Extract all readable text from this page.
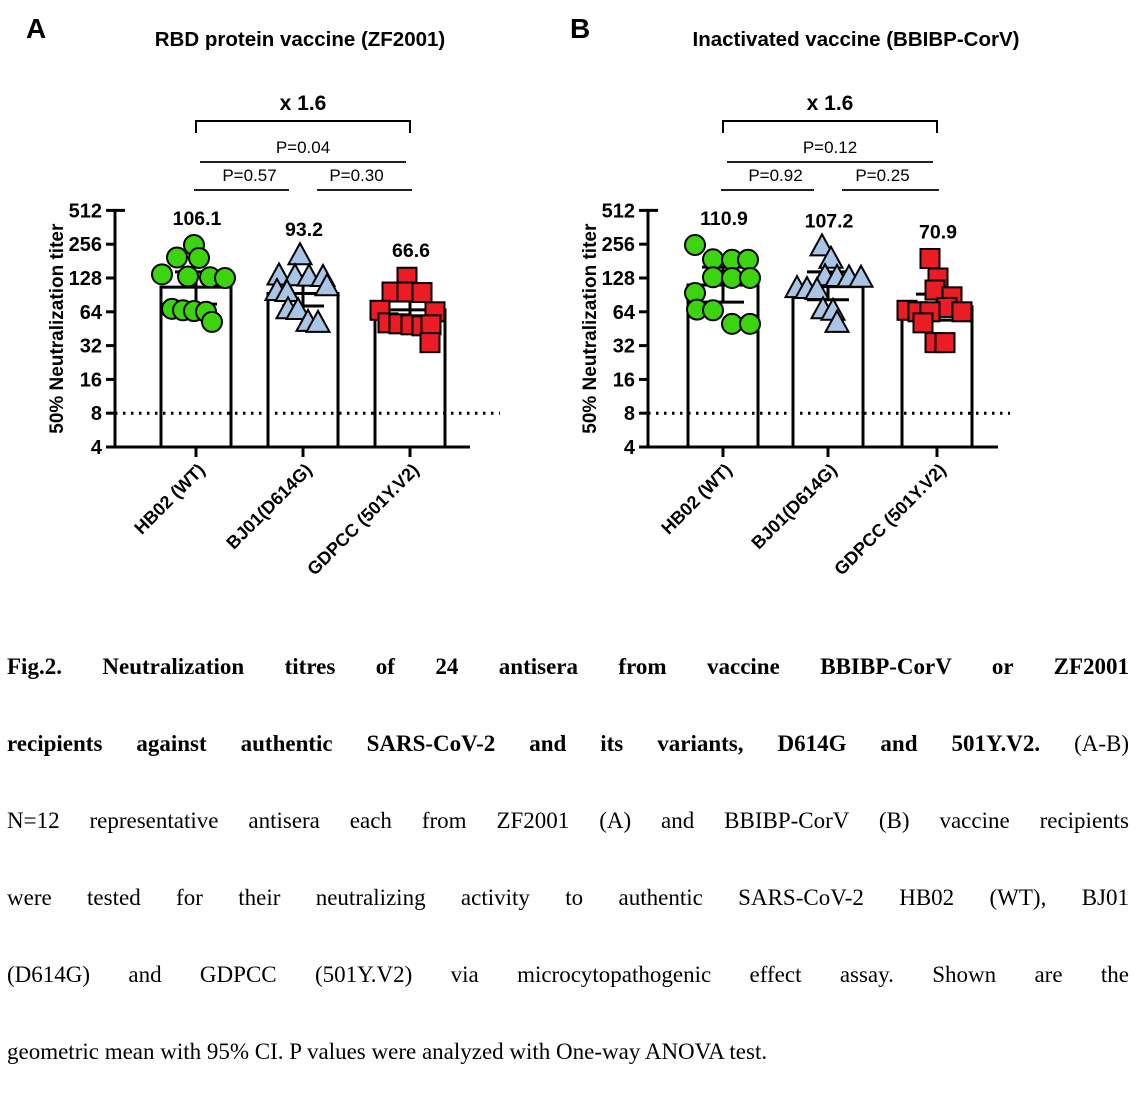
A	RBD protein vaccine (ZF2001)
512
256
128
64
32
16
8
4
50% Neutralization titer
106.1
HB02 (WT)
93.2
BJ01(D614G)
66.6
GDPCC (501Y.V2)
x 1.6
P=0.04
P=0.57	P=0.30
B	Inactivated vaccine (BBIBP-CorV)
512
256
128
64
32
16
8
4
50% Neutralization titer
110.9
HB02 (WT)
107.2
BJ01(D614G)
70.9
GDPCC (501Y.V2)
x 1.6
P=0.12
P=0.92	P=0.25
Fig.2. Neutralization titres of 24 antisera from vaccine BBIBP-CorV or ZF2001
recipients against authentic SARS-CoV-2 and its variants, D614G and 501Y.V2. (A-B)
N=12 representative antisera each from ZF2001 (A) and BBIBP-CorV (B) vaccine recipients
were tested for their neutralizing activity to authentic SARS-CoV-2 HB02 (WT), BJ01
(D614G) and GDPCC (501Y.V2) via microcytopathogenic effect assay. Shown are the
geometric mean with 95% CI. P values were analyzed with One-way ANOVA test.
